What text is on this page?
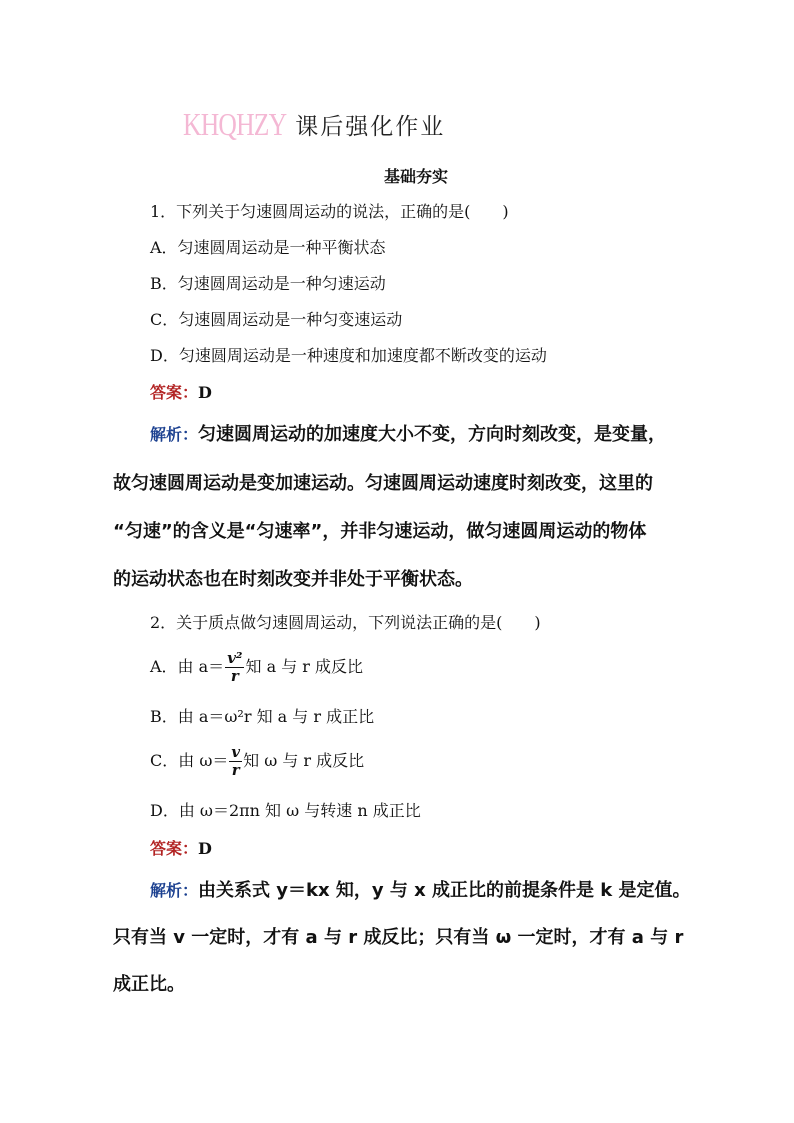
KHQHZY 课后强化作业
基础夯实
1．下列关于匀速圆周运动的说法，正确的是(　　)
A．匀速圆周运动是一种平衡状态
B．匀速圆周运动是一种匀速运动
C．匀速圆周运动是一种匀变速运动
D．匀速圆周运动是一种速度和加速度都不断改变的运动
答案：D
解析：匀速圆周运动的加速度大小不变，方向时刻改变，是变量，
故匀速圆周运动是变加速运动。匀速圆周运动速度时刻改变，这里的
“匀速”的含义是“匀速率”，并非匀速运动，做匀速圆周运动的物体
的运动状态也在时刻改变并非处于平衡状态。
2．关于质点做匀速圆周运动，下列说法正确的是(　　)
A．由 $a= \frac{\text{v²}}{r}$ 知 a 与 r 成反比
B．由 a＝ω²r 知 a 与 r 成正比
C．由 $\omega= \frac{v}{r}$ 知 ω 与 r 成反比
D．由 ω＝2πn 知 ω 与转速 n 成正比
答案：D
解析：由关系式 y＝kx 知，y 与 x 成正比的前提条件是 k 是定值。
只有当 v 一定时，才有 a 与 r 成反比；只有当 ω 一定时，才有 a 与 r
成正比。
